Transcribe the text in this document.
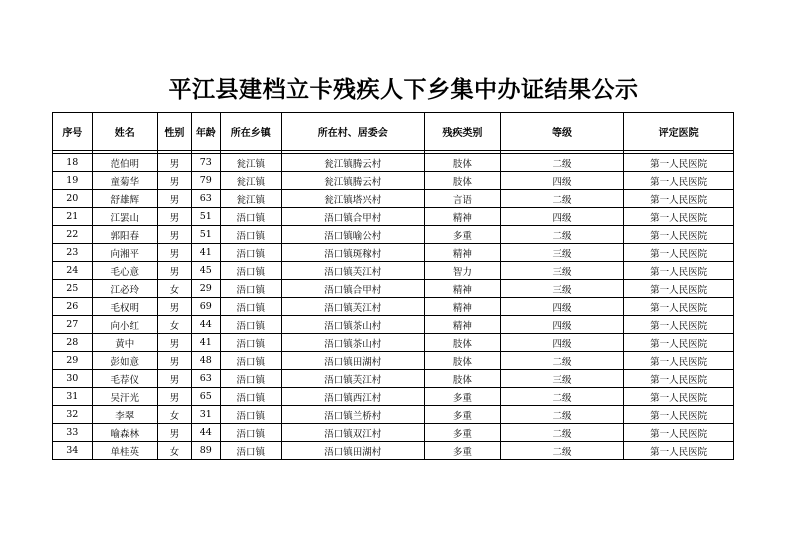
平江县建档立卡残疾人下乡集中办证结果公示
序号	姓名	性别	年龄	所在乡镇	所在村、居委会	残疾类别	等级	评定医院

18	范伯明	男	73	瓮江镇	瓮江镇腾云村	肢体	二级	第一人民医院
19	童菊华	男	79	瓮江镇	瓮江镇腾云村	肢体	四级	第一人民医院
20	舒雄辉	男	63	瓮江镇	瓮江镇塔兴村	言语	二级	第一人民医院
21	江罢山	男	51	浯口镇	浯口镇合甲村	精神	四级	第一人民医院
22	郭阳春	男	51	浯口镇	浯口镇喻公村	多重	二级	第一人民医院
23	向湘平	男	41	浯口镇	浯口镇斑稼村	精神	三级	第一人民医院
24	毛心意	男	45	浯口镇	浯口镇芙江村	智力	三级	第一人民医院
25	江必玲	女	29	浯口镇	浯口镇合甲村	精神	三级	第一人民医院
26	毛权明	男	69	浯口镇	浯口镇芙江村	精神	四级	第一人民医院
27	向小红	女	44	浯口镇	浯口镇茶山村	精神	四级	第一人民医院
28	黄中	男	41	浯口镇	浯口镇茶山村	肢体	四级	第一人民医院
29	彭如意	男	48	浯口镇	浯口镇田湖村	肢体	二级	第一人民医院
30	毛荐仪	男	63	浯口镇	浯口镇芙江村	肢体	三级	第一人民医院
31	吴汗光	男	65	浯口镇	浯口镇西江村	多重	二级	第一人民医院
32	李翠	女	31	浯口镇	浯口镇兰桥村	多重	二级	第一人民医院
33	喻森林	男	44	浯口镇	浯口镇双江村	多重	二级	第一人民医院
34	单桂英	女	89	浯口镇	浯口镇田湖村	多重	二级	第一人民医院
